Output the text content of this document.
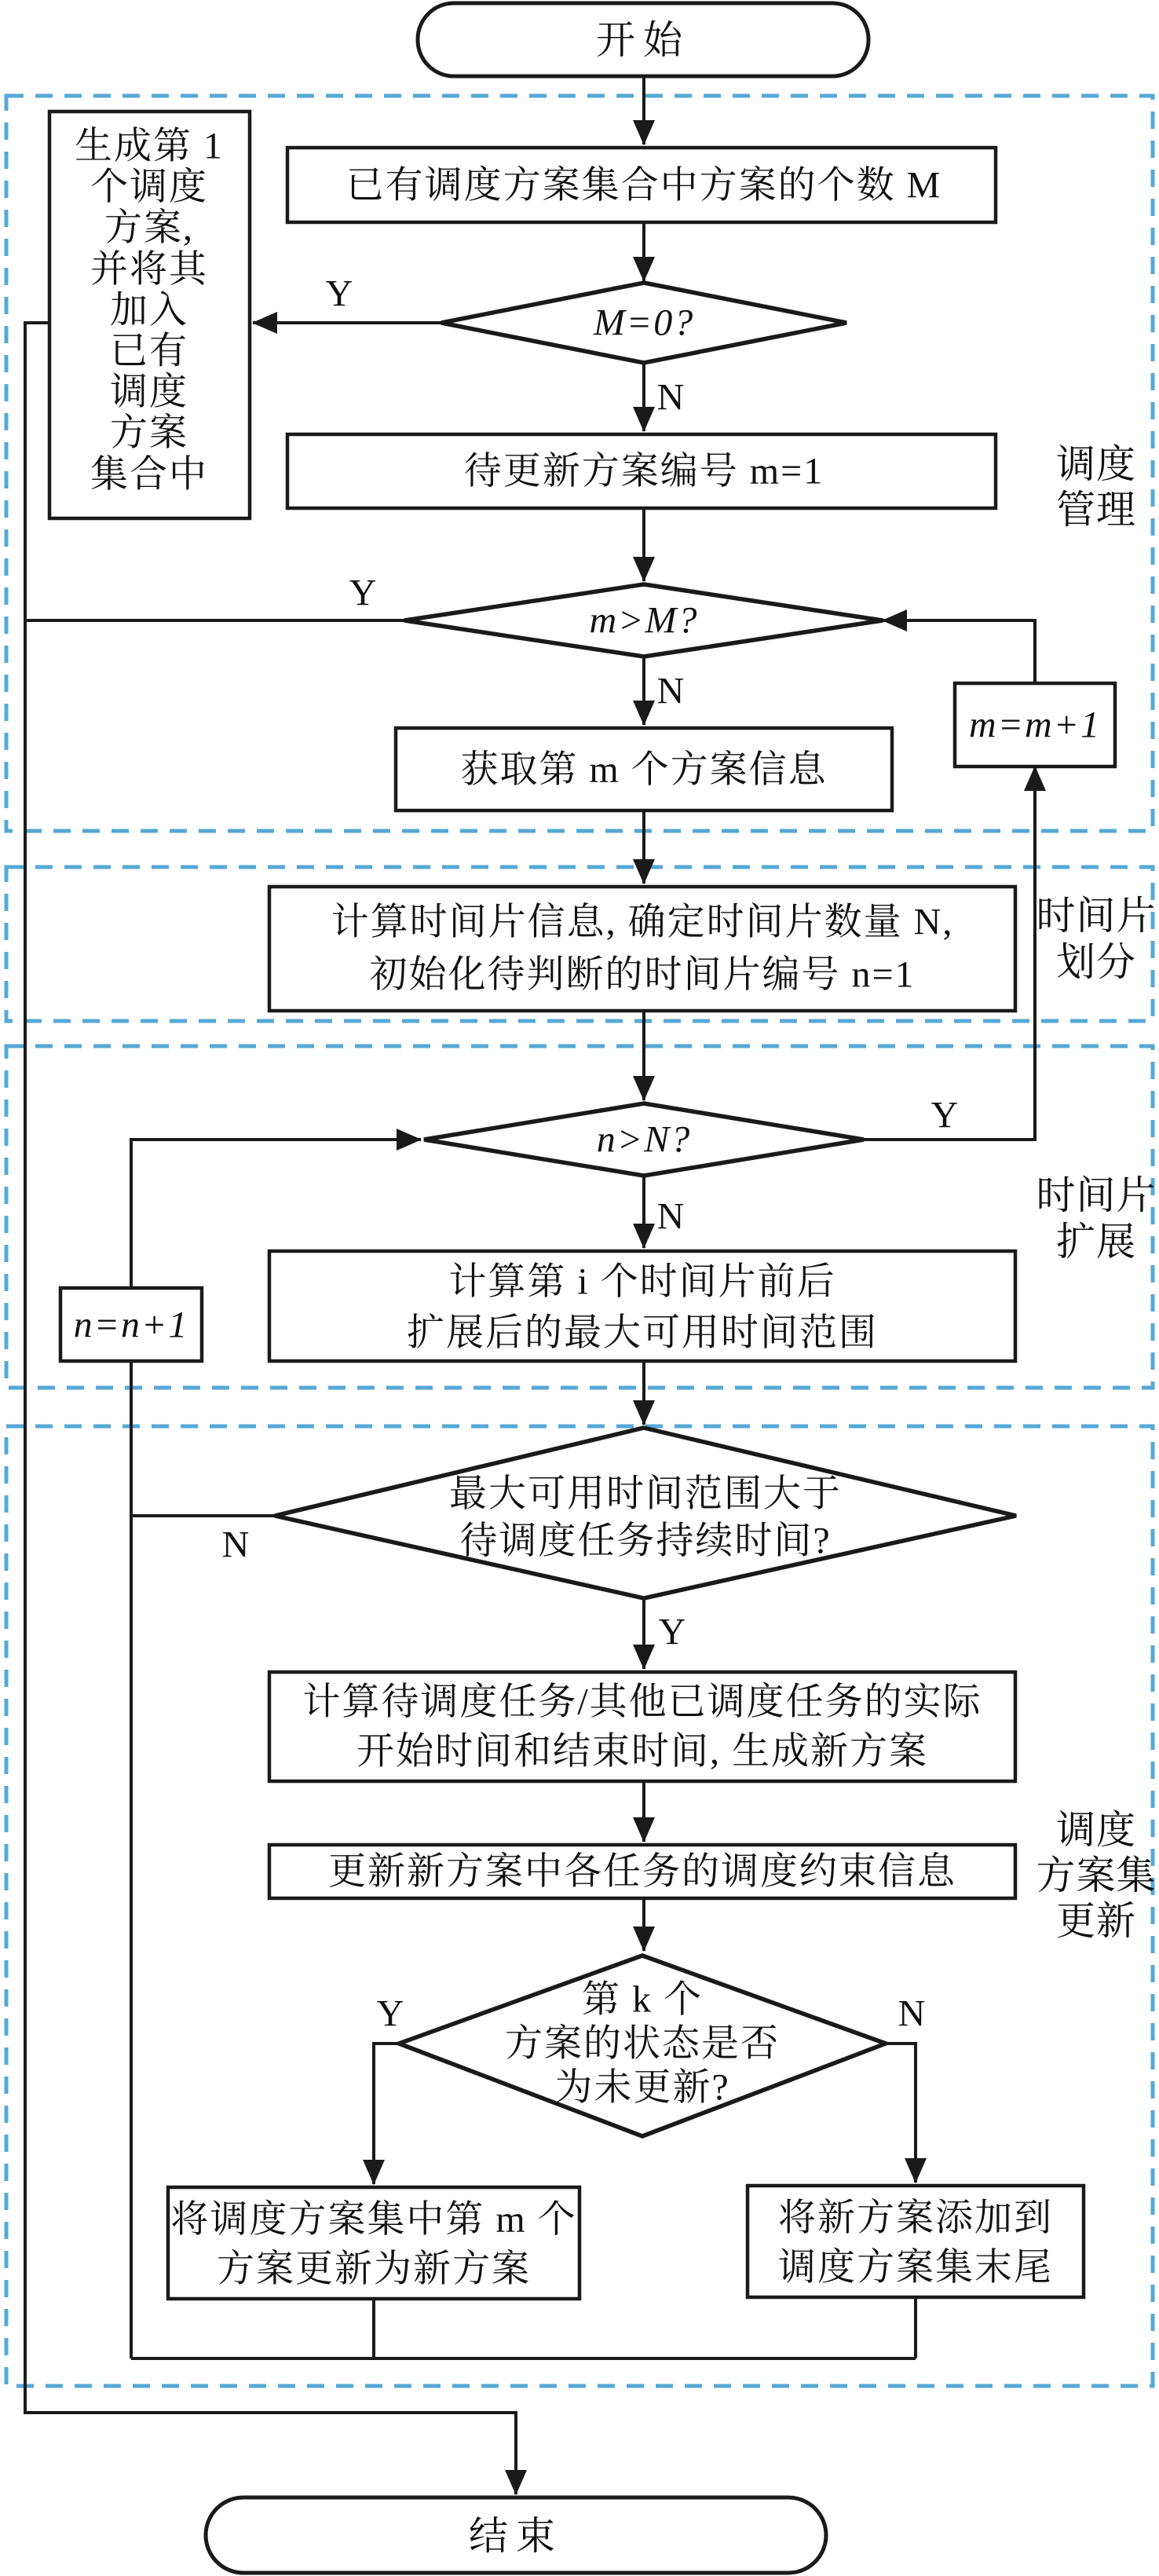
开始
已有调度方案集合中方案的个数 M
M=0?
生成第 1
个调度
方案,
并将其
加入
已有
调度
方案
集合中	待更新方案编号 m=1
m>M?
m=m+1
获取第 m 个方案信息
计算时间片信息, 确定时间片数量 N,
初始化待判断的时间片编号 n=1
n>N?
计算第 i 个时间片前后
扩展后的最大可用时间范围
n=n+1
最大可用时间范围大于
待调度任务持续时间?
计算待调度任务/其他已调度任务的实际
开始时间和结束时间, 生成新方案
更新新方案中各任务的调度约束信息
第 k 个
方案的状态是否
为未更新?
将调度方案集中第 m 个
方案更新为新方案
将新方案添加到
调度方案集末尾
结束
Y
N
Y
N
Y
N
N
Y
Y	N
调度
管理
时间片
划分
时间片
扩展
调度
方案集
更新
